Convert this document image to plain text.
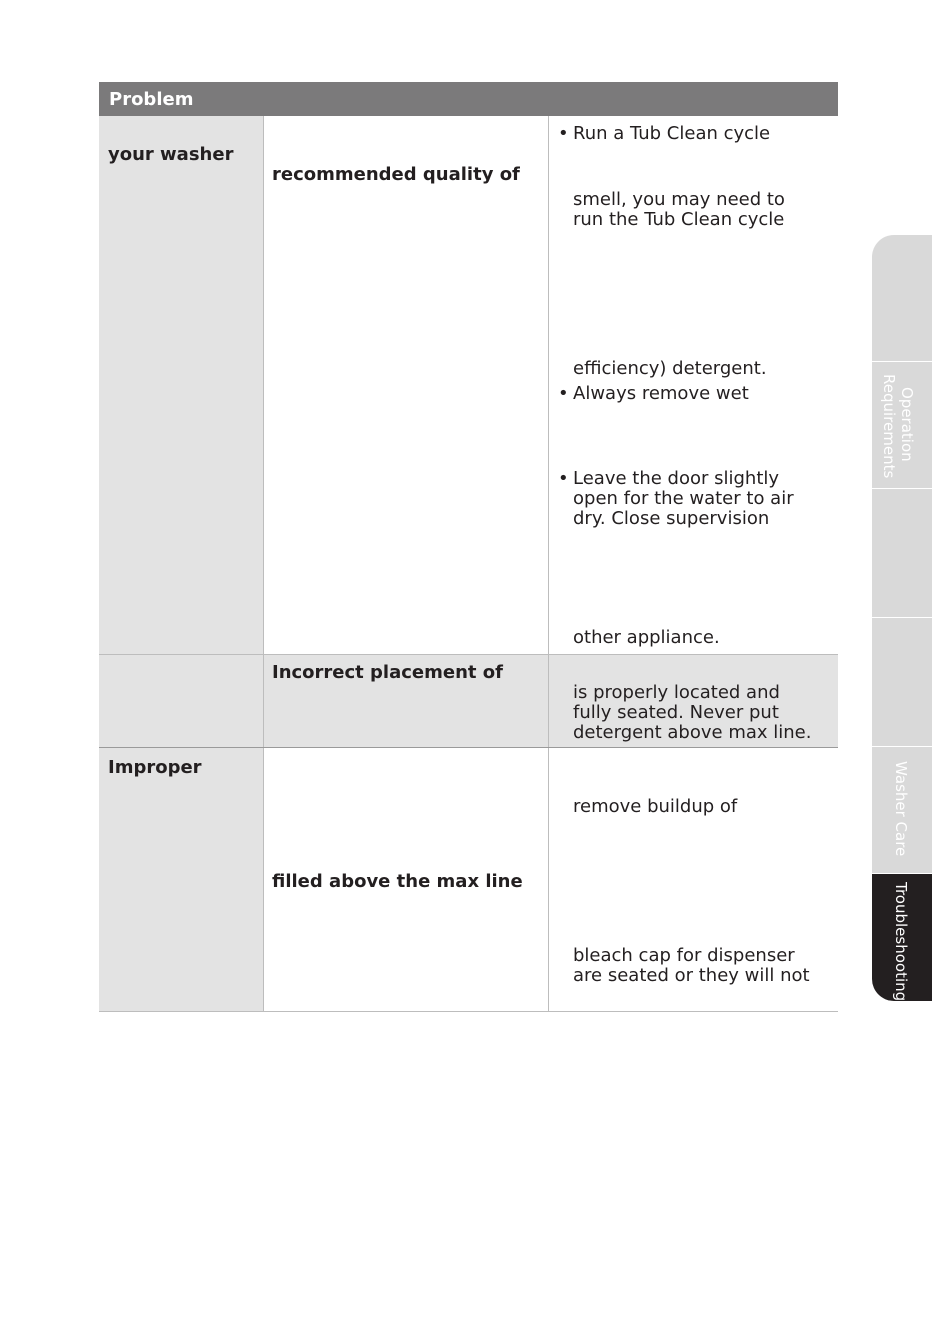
Problem
your washer
recommended quality of
• Run a Tub Clean cycle
smell, you may need to
run the Tub Clean cycle
efficiency) detergent.
• Always remove wet
• Leave the door slightly
open for the water to air
dry. Close supervision
other appliance.
Incorrect placement of
is properly located and
fully seated. Never put
detergent above max line.
Improper
filled above the max line
remove buildup of
bleach cap for dispenser
are seated or they will not
Operation
Requirements
Washer Care
Troubleshooting
